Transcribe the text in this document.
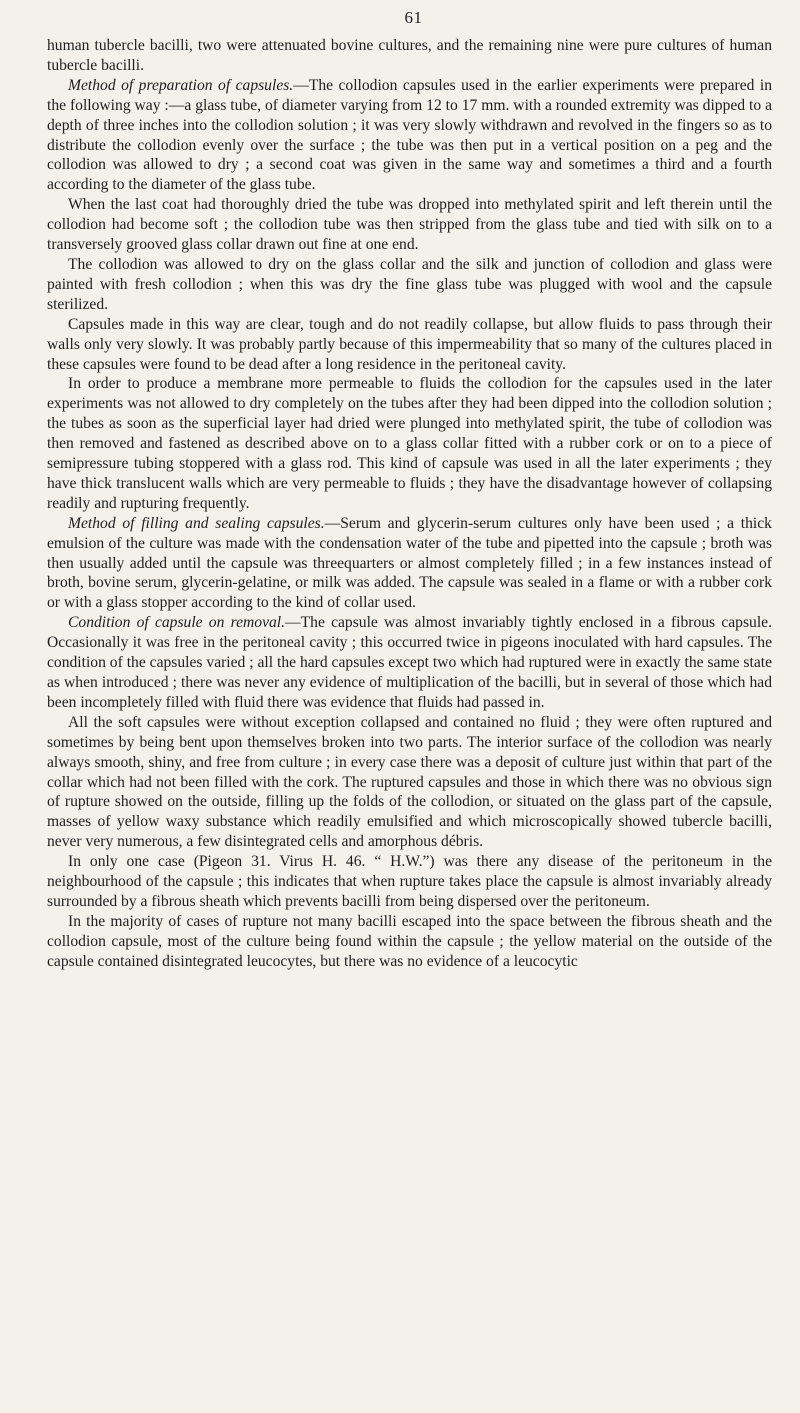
61

human tubercle bacilli, two were attenuated bovine cultures, and the remaining nine were pure cultures of human tubercle bacilli.

Method of preparation of capsules.—The collodion capsules used in the earlier experiments were prepared in the following way :—a glass tube, of diameter varying from 12 to 17 mm. with a rounded extremity was dipped to a depth of three inches into the collodion solution ; it was very slowly withdrawn and revolved in the fingers so as to distribute the collodion evenly over the surface ; the tube was then put in a vertical position on a peg and the collodion was allowed to dry ; a second coat was given in the same way and sometimes a third and a fourth according to the diameter of the glass tube.

When the last coat had thoroughly dried the tube was dropped into methylated spirit and left therein until the collodion had become soft ; the collodion tube was then stripped from the glass tube and tied with silk on to a transversely grooved glass collar drawn out fine at one end.

The collodion was allowed to dry on the glass collar and the silk and junction of collodion and glass were painted with fresh collodion ; when this was dry the fine glass tube was plugged with wool and the capsule sterilized.

Capsules made in this way are clear, tough and do not readily collapse, but allow fluids to pass through their walls only very slowly. It was probably partly because of this impermeability that so many of the cultures placed in these capsules were found to be dead after a long residence in the peritoneal cavity.

In order to produce a membrane more permeable to fluids the collodion for the capsules used in the later experiments was not allowed to dry completely on the tubes after they had been dipped into the collodion solution ; the tubes as soon as the superficial layer had dried were plunged into methylated spirit, the tube of collodion was then removed and fastened as described above on to a glass collar fitted with a rubber cork or on to a piece of semipressure tubing stoppered with a glass rod. This kind of capsule was used in all the later experiments ; they have thick translucent walls which are very permeable to fluids ; they have the disadvantage however of collapsing readily and rupturing frequently.

Method of filling and sealing capsules.—Serum and glycerin-serum cultures only have been used ; a thick emulsion of the culture was made with the condensation water of the tube and pipetted into the capsule ; broth was then usually added until the capsule was threequarters or almost completely filled ; in a few instances instead of broth, bovine serum, glycerin-gelatine, or milk was added. The capsule was sealed in a flame or with a rubber cork or with a glass stopper according to the kind of collar used.

Condition of capsule on removal.—The capsule was almost invariably tightly enclosed in a fibrous capsule. Occasionally it was free in the peritoneal cavity ; this occurred twice in pigeons inoculated with hard capsules. The condition of the capsules varied ; all the hard capsules except two which had ruptured were in exactly the same state as when introduced ; there was never any evidence of multiplication of the bacilli, but in several of those which had been incompletely filled with fluid there was evidence that fluids had passed in.

All the soft capsules were without exception collapsed and contained no fluid ; they were often ruptured and sometimes by being bent upon themselves broken into two parts. The interior surface of the collodion was nearly always smooth, shiny, and free from culture ; in every case there was a deposit of culture just within that part of the collar which had not been filled with the cork. The ruptured capsules and those in which there was no obvious sign of rupture showed on the outside, filling up the folds of the collodion, or situated on the glass part of the capsule, masses of yellow waxy substance which readily emulsified and which microscopically showed tubercle bacilli, never very numerous, a few disintegrated cells and amorphous débris.

In only one case (Pigeon 31. Virus H. 46. “ H.W.”) was there any disease of the peritoneum in the neighbourhood of the capsule ; this indicates that when rupture takes place the capsule is almost invariably already surrounded by a fibrous sheath which prevents bacilli from being dispersed over the peritoneum.

In the majority of cases of rupture not many bacilli escaped into the space between the fibrous sheath and the collodion capsule, most of the culture being found within the capsule ; the yellow material on the outside of the capsule contained disintegrated leucocytes, but there was no evidence of a leucocytic
